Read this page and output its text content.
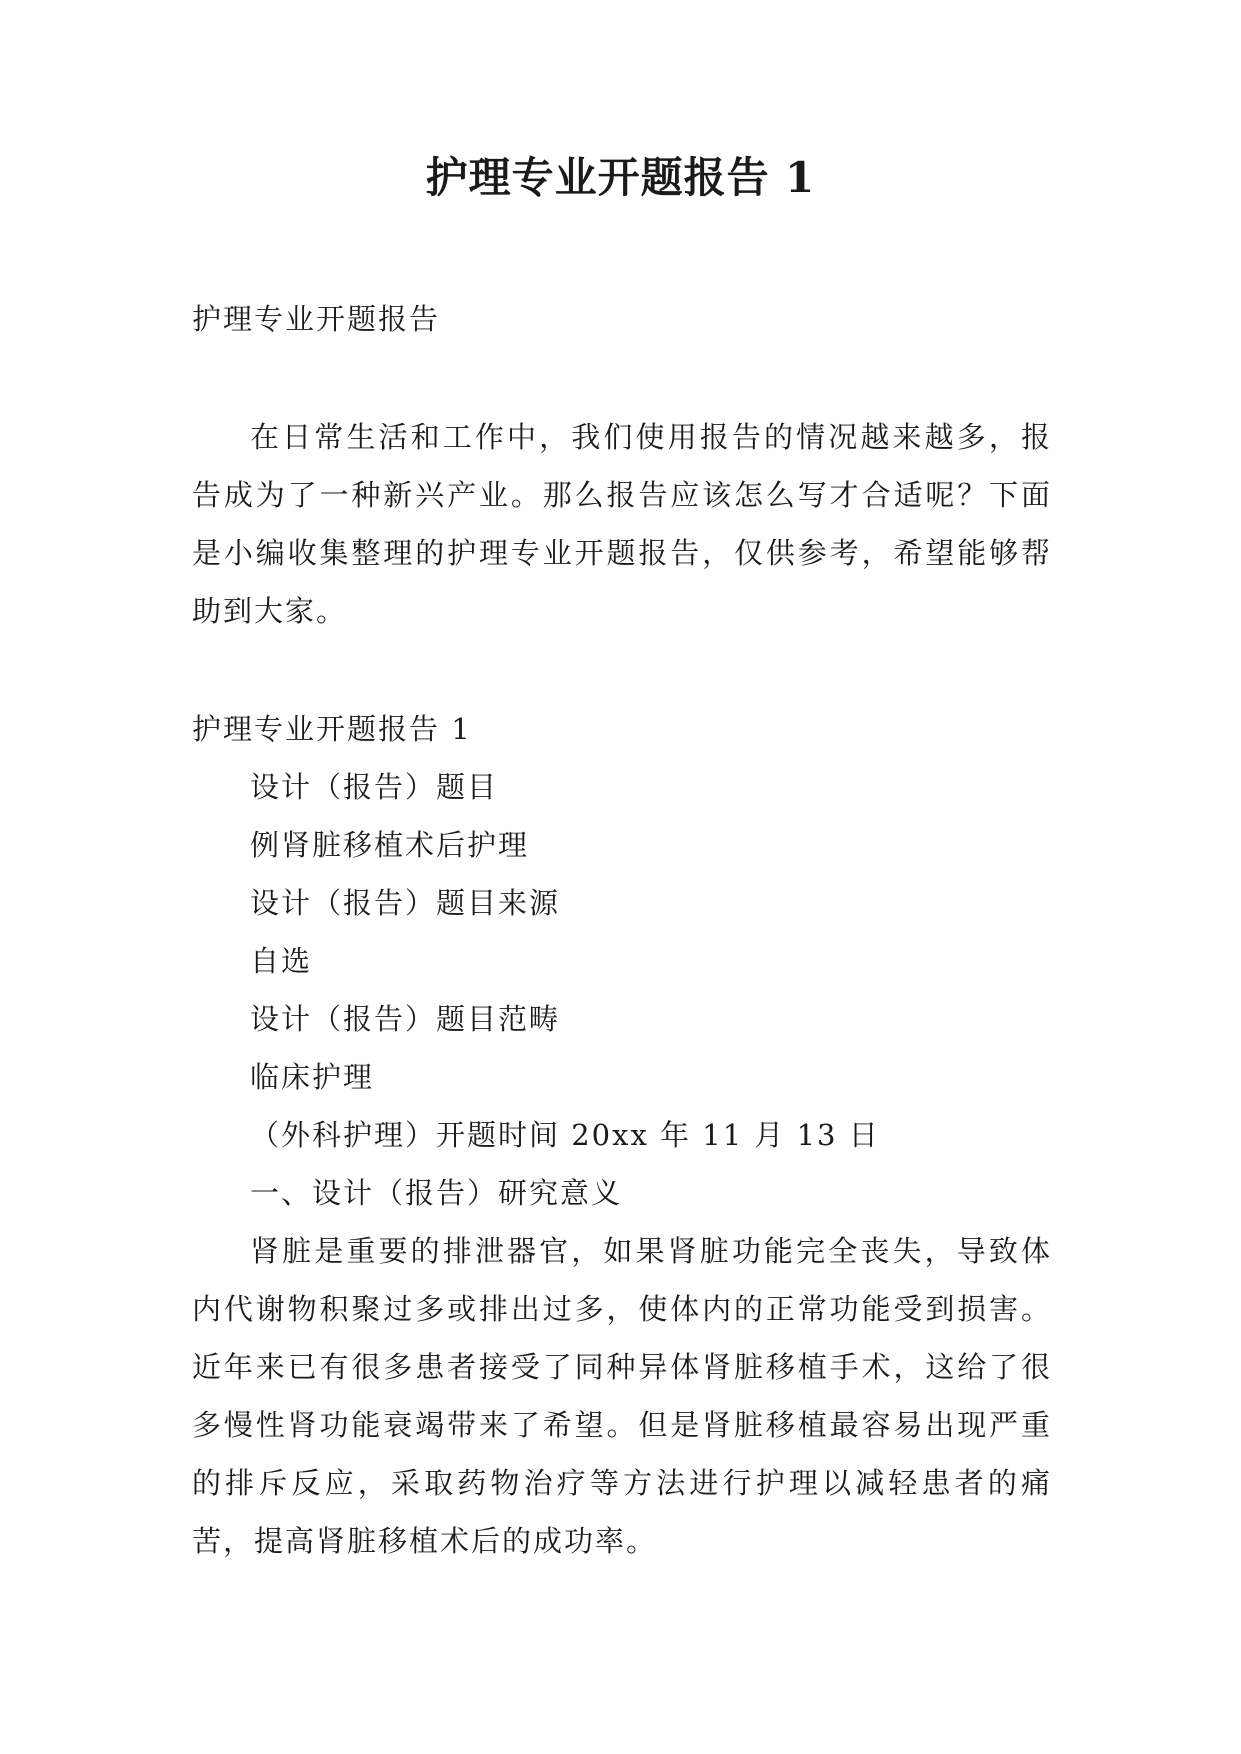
护理专业开题报告 1

护理专业开题报告

在日常生活和工作中，我们使用报告的情况越来越多，报告成为了一种新兴产业。那么报告应该怎么写才合适呢？下面是小编收集整理的护理专业开题报告，仅供参考，希望能够帮助到大家。

护理专业开题报告 1

设计（报告）题目

例肾脏移植术后护理

设计（报告）题目来源

自选

设计（报告）题目范畴

临床护理

（外科护理）开题时间 20xx 年 11 月 13 日

一、设计（报告）研究意义

肾脏是重要的排泄器官，如果肾脏功能完全丧失，导致体内代谢物积聚过多或排出过多，使体内的正常功能受到损害。近年来已有很多患者接受了同种异体肾脏移植手术，这给了很多慢性肾功能衰竭带来了希望。但是肾脏移植最容易出现严重的排斥反应，采取药物治疗等方法进行护理以减轻患者的痛苦，提高肾脏移植术后的成功率。
